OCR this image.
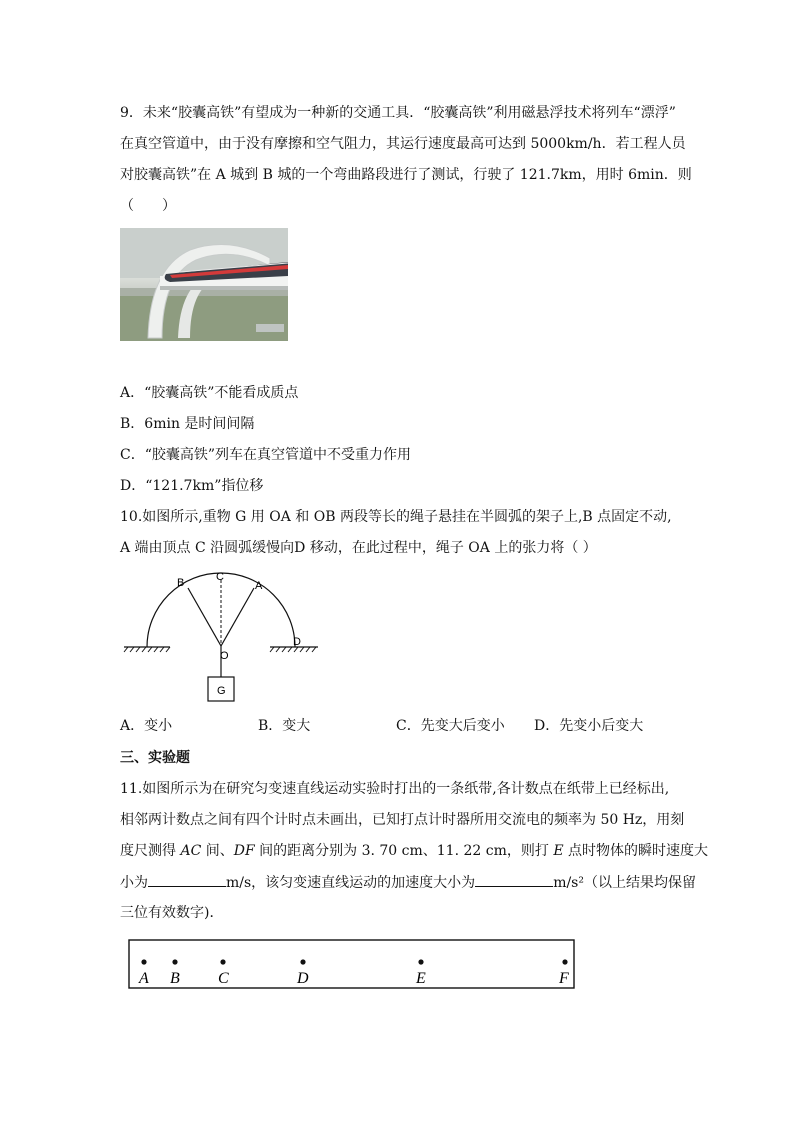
9．未来“胶囊高铁”有望成为一种新的交通工具．“胶囊高铁”利用磁悬浮技术将列车“漂浮”
在真空管道中，由于没有摩擦和空气阻力，其运行速度最高可达到 5000km/h．若工程人员
对胶囊高铁”在 A 城到 B 城的一个弯曲路段进行了测试，行驶了 121.7km，用时 6min．则
（　　）
A．“胶囊高铁”不能看成质点
B．6min 是时间间隔
C．“胶囊高铁”列车在真空管道中不受重力作用
D．“121.7km”指位移
10.如图所示,重物 G 用 OA 和 OB 两段等长的绳子悬挂在半圆弧的架子上,B 点固定不动,
A 端由顶点 C 沿圆弧缓慢向D 移动，在此过程中，绳子 OA 上的张力将（ ）
B	C
A
D
O
G
A．变小	B．变大	C．先变大后变小 D．先变小后变大
三、实验题
11.如图所示为在研究匀变速直线运动实验时打出的一条纸带,各计数点在纸带上已经标出,
相邻两计数点之间有四个计时点未画出，已知打点计时器所用交流电的频率为 50 Hz，用刻
度尺测得 AC 间、DF 间的距离分别为 3. 70 cm、11. 22 cm，则打 E 点时物体的瞬时速度大
小为	m/s，该匀变速直线运动的加速度大小为	m/s²（以上结果均保留
三位有效数字)．
A B C	D	E	F
